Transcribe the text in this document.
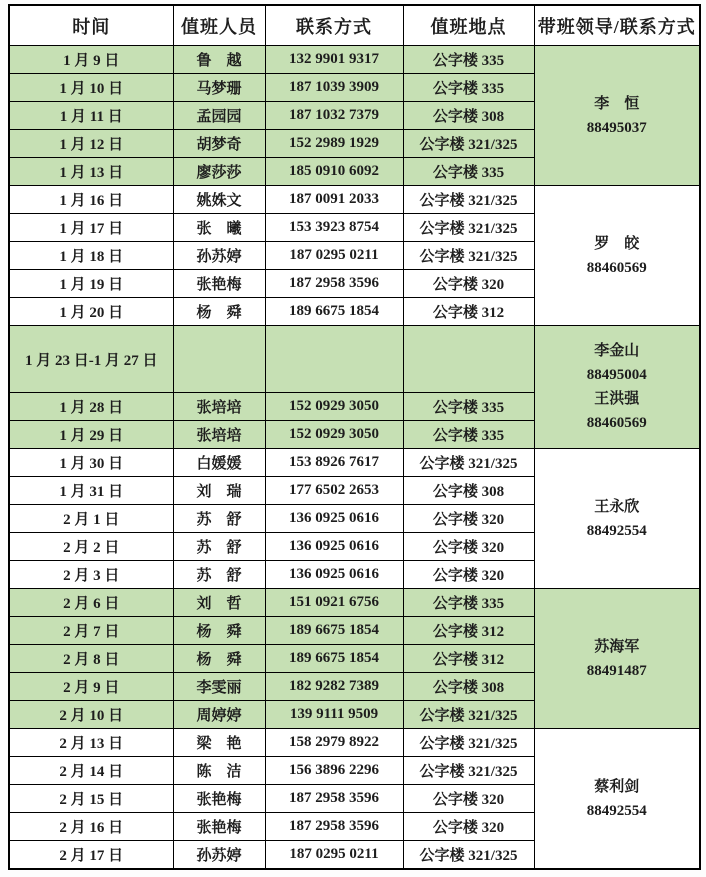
时间	值班人员	联系方式	值班地点	带班领导/联系方式
1 月 9 日	鲁　越	132 9901 9317	公字楼 335	李　恒
88495037

1 月 10 日	马梦珊	187 1039 3909	公字楼 335	
1 月 11 日	孟园园	187 1032 7379	公字楼 308	
1 月 12 日	胡梦奇	152 2989 1929	公字楼 321/325	
1 月 13 日	廖莎莎	185 0910 6092	公字楼 335	
1 月 16 日	姚姝文	187 0091 2033	公字楼 321/325	罗　皎
88460569

1 月 17 日	张　曦	153 3923 8754	公字楼 321/325	
1 月 18 日	孙苏婷	187 0295 0211	公字楼 321/325	
1 月 19 日	张艳梅	187 2958 3596	公字楼 320	
1 月 20 日	杨　舜	189 6675 1854	公字楼 312	
1 月 23 日-1 月 27 日				李金山
88495004
王洪强
88460569

1 月 28 日	张培培	152 0929 3050	公字楼 335	
1 月 29 日	张培培	152 0929 3050	公字楼 335	
1 月 30 日	白媛媛	153 8926 7617	公字楼 321/325	王永欣
88492554

1 月 31 日	刘　瑞	177 6502 2653	公字楼 308	
2 月 1 日	苏　舒	136 0925 0616	公字楼 320	
2 月 2 日	苏　舒	136 0925 0616	公字楼 320	
2 月 3 日	苏　舒	136 0925 0616	公字楼 320	
2 月 6 日	刘　哲	151 0921 6756	公字楼 335	苏海军
88491487

2 月 7 日	杨　舜	189 6675 1854	公字楼 312	
2 月 8 日	杨　舜	189 6675 1854	公字楼 312	
2 月 9 日	李雯丽	182 9282 7389	公字楼 308	
2 月 10 日	周婷婷	139 9111 9509	公字楼 321/325	
2 月 13 日	梁　艳	158 2979 8922	公字楼 321/325	蔡利剑
88492554

2 月 14 日	陈　洁	156 3896 2296	公字楼 321/325	
2 月 15 日	张艳梅	187 2958 3596	公字楼 320	
2 月 16 日	张艳梅	187 2958 3596	公字楼 320	
2 月 17 日	孙苏婷	187 0295 0211	公字楼 321/325	
